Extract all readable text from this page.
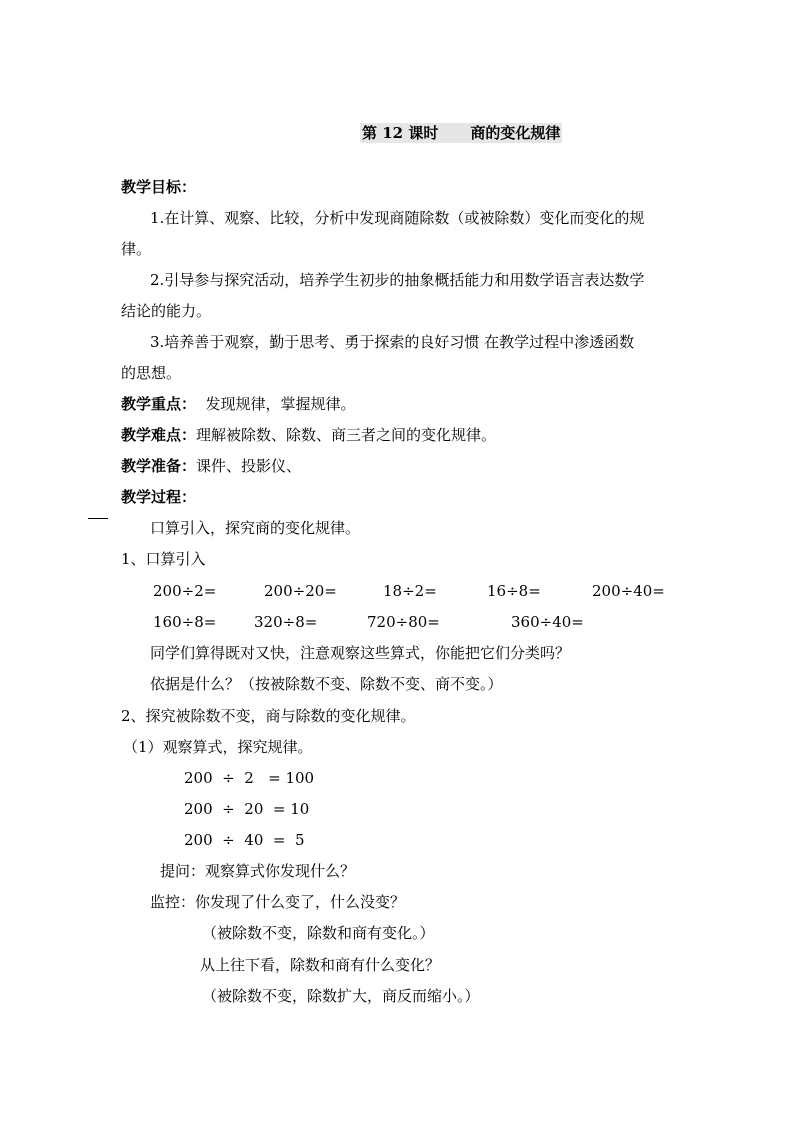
第 12 课时 商的变化规律
教学目标：
1.在计算、观察、比较，分析中发现商随除数（或被除数）变化而变化的规
律。
2.引导参与探究活动，培养学生初步的抽象概括能力和用数学语言表达数学
结论的能力。
3.培养善于观察，勤于思考、勇于探索的良好习惯 在教学过程中渗透函数
的思想。
教学重点：  发现规律，掌握规律。
教学难点：理解被除数、除数、商三者之间的变化规律。
教学准备：课件、投影仪、
教学过程：
口算引入，探究商的变化规律。
1、口算引入
200÷2=	200÷20=	18÷2=	16÷8=	200÷40=
160÷8=	320÷8=	720÷80=	360÷40=
同学们算得既对又快，注意观察这些算式，你能把它们分类吗？
依据是什么？（按被除数不变、除数不变、商不变。）
2、探究被除数不变，商与除数的变化规律。
（1）观察算式，探究规律。
200  ÷  2   = 100
200  ÷  20  = 10
200  ÷  40  =  5
提问：观察算式你发现什么？
监控：你发现了什么变了，什么没变？
（被除数不变，除数和商有变化。）
从上往下看，除数和商有什么变化？
（被除数不变，除数扩大，商反而缩小。）
